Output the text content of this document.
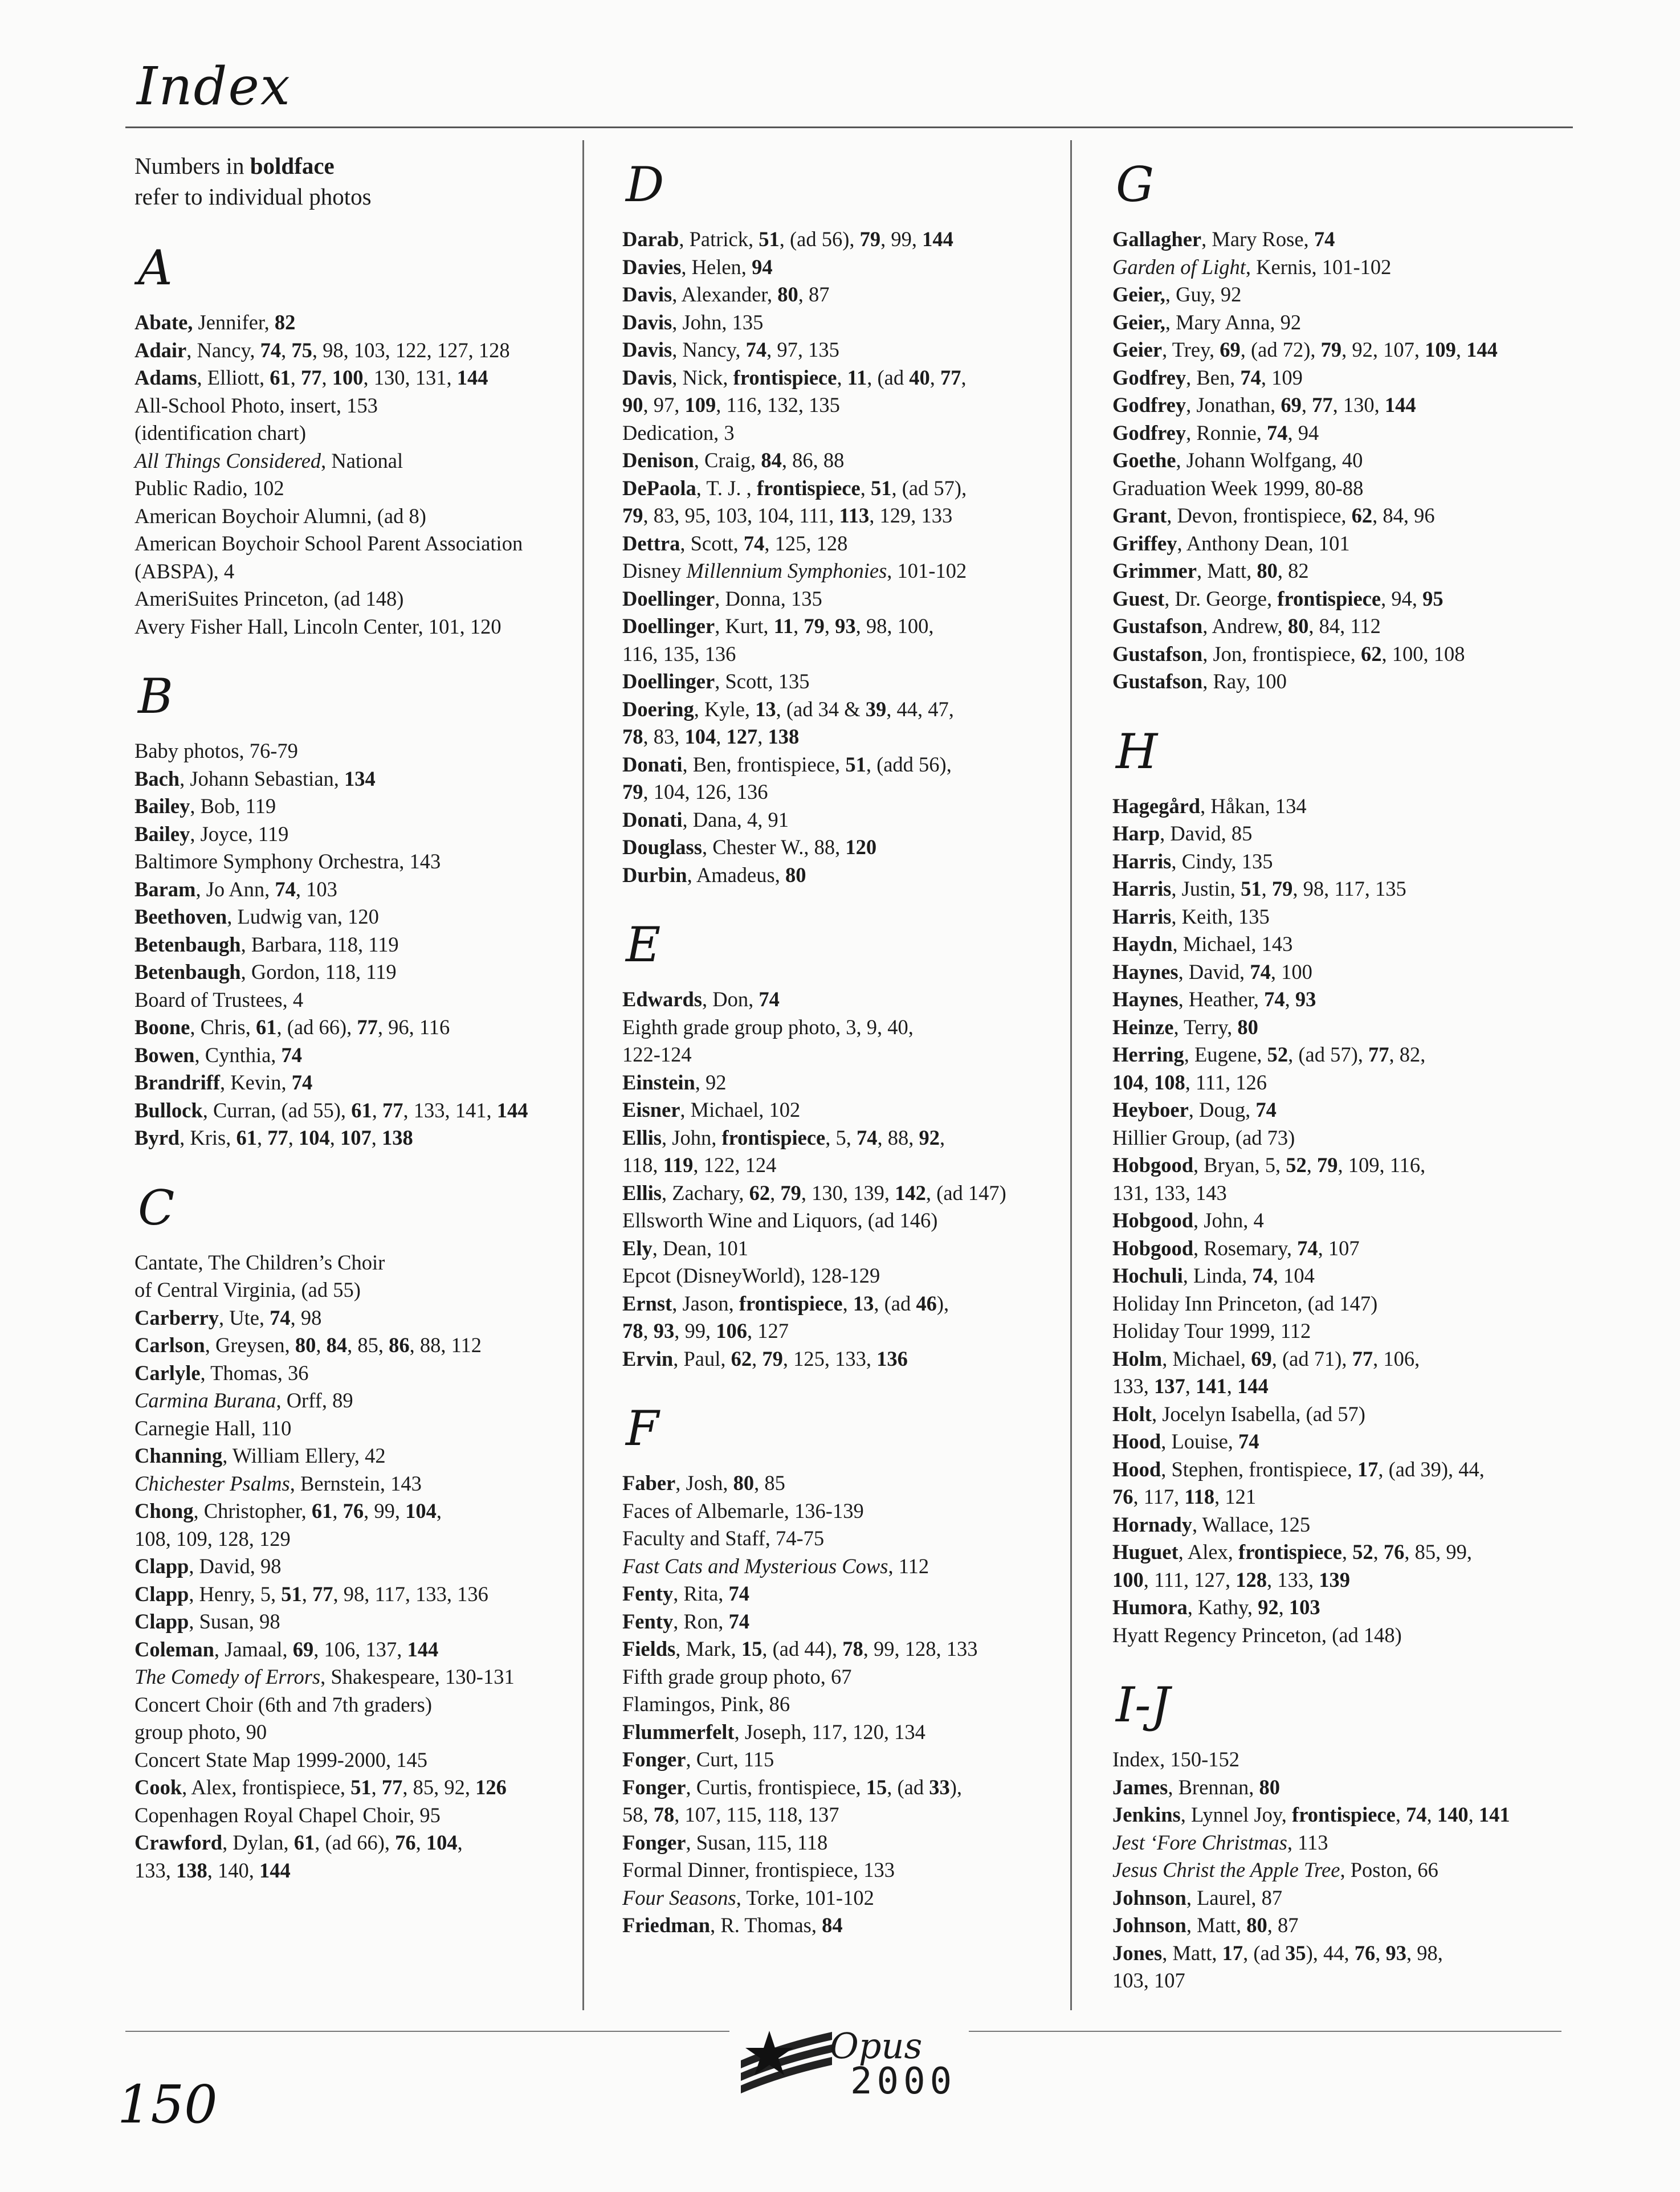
Index
Numbers in boldface
refer to individual photos
A
Abate, Jennifer, 82
Adair, Nancy, 74, 75, 98, 103, 122, 127, 128
Adams, Elliott, 61, 77, 100, 130, 131, 144
All-School Photo, insert, 153
(identification chart)
All Things Considered, National
Public Radio, 102
American Boychoir Alumni, (ad 8)
American Boychoir School Parent Association
(ABSPA), 4
AmeriSuites Princeton, (ad 148)
Avery Fisher Hall, Lincoln Center, 101, 120
B
Baby photos, 76-79
Bach, Johann Sebastian, 134
Bailey, Bob, 119
Bailey, Joyce, 119
Baltimore Symphony Orchestra, 143
Baram, Jo Ann, 74, 103
Beethoven, Ludwig van, 120
Betenbaugh, Barbara, 118, 119
Betenbaugh, Gordon, 118, 119
Board of Trustees, 4
Boone, Chris, 61, (ad 66), 77, 96, 116
Bowen, Cynthia, 74
Brandriff, Kevin, 74
Bullock, Curran, (ad 55), 61, 77, 133, 141, 144
Byrd, Kris, 61, 77, 104, 107, 138
C
Cantate, The Children’s Choir
of Central Virginia, (ad 55)
Carberry, Ute, 74, 98
Carlson, Greysen, 80, 84, 85, 86, 88, 112
Carlyle, Thomas, 36
Carmina Burana, Orff, 89
Carnegie Hall, 110
Channing, William Ellery, 42
Chichester Psalms, Bernstein, 143
Chong, Christopher, 61, 76, 99, 104,
108, 109, 128, 129
Clapp, David, 98
Clapp, Henry, 5, 51, 77, 98, 117, 133, 136
Clapp, Susan, 98
Coleman, Jamaal, 69, 106, 137, 144
The Comedy of Errors, Shakespeare, 130-131
Concert Choir (6th and 7th graders)
group photo, 90
Concert State Map 1999-2000, 145
Cook, Alex, frontispiece, 51, 77, 85, 92, 126
Copenhagen Royal Chapel Choir, 95
Crawford, Dylan, 61, (ad 66), 76, 104,
133, 138, 140, 144
D
Darab, Patrick, 51, (ad 56), 79, 99, 144
Davies, Helen, 94
Davis, Alexander, 80, 87
Davis, John, 135
Davis, Nancy, 74, 97, 135
Davis, Nick, frontispiece, 11, (ad 40, 77,
90, 97, 109, 116, 132, 135
Dedication, 3
Denison, Craig, 84, 86, 88
DePaola, T. J. , frontispiece, 51, (ad 57),
79, 83, 95, 103, 104, 111, 113, 129, 133
Dettra, Scott, 74, 125, 128
Disney Millennium Symphonies, 101-102
Doellinger, Donna, 135
Doellinger, Kurt, 11, 79, 93, 98, 100,
116, 135, 136
Doellinger, Scott, 135
Doering, Kyle, 13, (ad 34 & 39, 44, 47,
78, 83, 104, 127, 138
Donati, Ben, frontispiece, 51, (add 56),
79, 104, 126, 136
Donati, Dana, 4, 91
Douglass, Chester W., 88, 120
Durbin, Amadeus, 80
E
Edwards, Don, 74
Eighth grade group photo, 3, 9, 40,
122-124
Einstein, 92
Eisner, Michael, 102
Ellis, John, frontispiece, 5, 74, 88, 92,
118, 119, 122, 124
Ellis, Zachary, 62, 79, 130, 139, 142, (ad 147)
Ellsworth Wine and Liquors, (ad 146)
Ely, Dean, 101
Epcot (DisneyWorld), 128-129
Ernst, Jason, frontispiece, 13, (ad 46),
78, 93, 99, 106, 127
Ervin, Paul, 62, 79, 125, 133, 136
F
Faber, Josh, 80, 85
Faces of Albemarle, 136-139
Faculty and Staff, 74-75
Fast Cats and Mysterious Cows, 112
Fenty, Rita, 74
Fenty, Ron, 74
Fields, Mark, 15, (ad 44), 78, 99, 128, 133
Fifth grade group photo, 67
Flamingos, Pink, 86
Flummerfelt, Joseph, 117, 120, 134
Fonger, Curt, 115
Fonger, Curtis, frontispiece, 15, (ad 33),
58, 78, 107, 115, 118, 137
Fonger, Susan, 115, 118
Formal Dinner, frontispiece, 133
Four Seasons, Torke, 101-102
Friedman, R. Thomas, 84
G
Gallagher, Mary Rose, 74
Garden of Light, Kernis, 101-102
Geier,, Guy, 92
Geier,, Mary Anna, 92
Geier, Trey, 69, (ad 72), 79, 92, 107, 109, 144
Godfrey, Ben, 74, 109
Godfrey, Jonathan, 69, 77, 130, 144
Godfrey, Ronnie, 74, 94
Goethe, Johann Wolfgang, 40
Graduation Week 1999, 80-88
Grant, Devon, frontispiece, 62, 84, 96
Griffey, Anthony Dean, 101
Grimmer, Matt, 80, 82
Guest, Dr. George, frontispiece, 94, 95
Gustafson, Andrew, 80, 84, 112
Gustafson, Jon, frontispiece, 62, 100, 108
Gustafson, Ray, 100
H
Hagegård, Håkan, 134
Harp, David, 85
Harris, Cindy, 135
Harris, Justin, 51, 79, 98, 117, 135
Harris, Keith, 135
Haydn, Michael, 143
Haynes, David, 74, 100
Haynes, Heather, 74, 93
Heinze, Terry, 80
Herring, Eugene, 52, (ad 57), 77, 82,
104, 108, 111, 126
Heyboer, Doug, 74
Hillier Group, (ad 73)
Hobgood, Bryan, 5, 52, 79, 109, 116,
131, 133, 143
Hobgood, John, 4
Hobgood, Rosemary, 74, 107
Hochuli, Linda, 74, 104
Holiday Inn Princeton, (ad 147)
Holiday Tour 1999, 112
Holm, Michael, 69, (ad 71), 77, 106,
133, 137, 141, 144
Holt, Jocelyn Isabella, (ad 57)
Hood, Louise, 74
Hood, Stephen, frontispiece, 17, (ad 39), 44,
76, 117, 118, 121
Hornady, Wallace, 125
Huguet, Alex, frontispiece, 52, 76, 85, 99,
100, 111, 127, 128, 133, 139
Humora, Kathy, 92, 103
Hyatt Regency Princeton, (ad 148)
I-J
Index, 150-152
James, Brennan, 80
Jenkins, Lynnel Joy, frontispiece, 74, 140, 141
Jest ‘Fore Christmas, 113
Jesus Christ the Apple Tree, Poston, 66
Johnson, Laurel, 87
Johnson, Matt, 80, 87
Jones, Matt, 17, (ad 35), 44, 76, 93, 98,
103, 107
Opus
2000
150
